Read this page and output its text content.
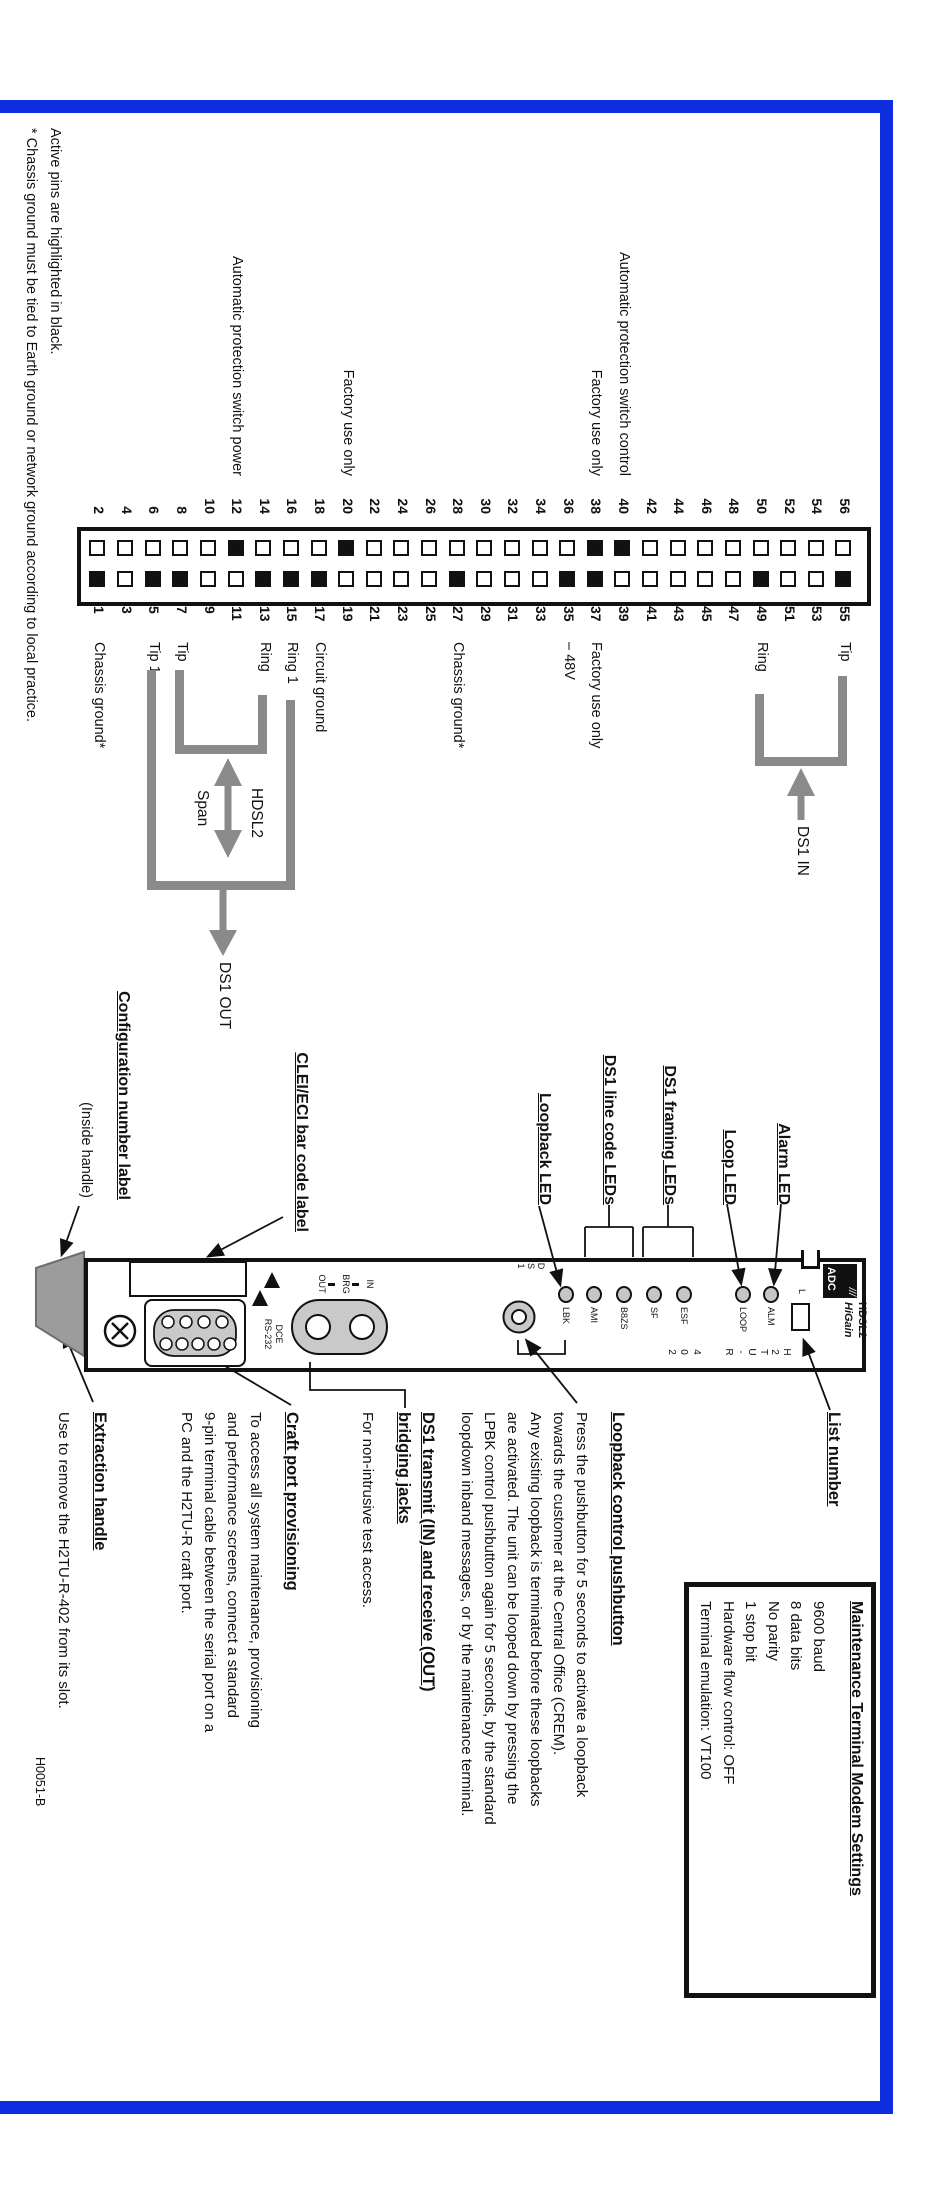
Active pins are highlighted in black.
* Chassis ground must be tied to Earth ground or network ground according to local practice.	1
Chassis ground*
2
3
4
5
Tip 1
6
7
Tip
8
9
10
11
12
Automatic protection switch power
13
Ring
14
15
Ring 1
16
17
Circuit ground
18
19
20
Factory use only
21
22
23
24
25
26
27
Chassis ground*
28
29
30
31
32
33
34
35
– 48V
36
37
Factory use only
38
Factory use only
39
40
Automatic protection switch control
41
42
43
44
45
46
47
48
49
Ring
50
51
52
53
54
55
Tip
56
HDSL2
Span
DS1 OUT
DS1 IN
///
ADC
HDSL2
HiGain
L
H
2
T
U
-
R
4
0
2
ALM
LOOP
ESF
SF
B8ZS
AMI
LBK
D
S
1
IN
BRG
OUT
DCE
RS-232
Alarm LED
Loop LED
DS1 framing LEDs
DS1 line code LEDs
Loopback LED
Configuration number label
(Inside handle)	CLEI/ECI bar code label
Maintenance Terminal Modem Settings
9600 baud
8 data bits
No parity
1 stop bit
Hardware flow control: OFF
Terminal emulation: VT100
List number
Loopback control pushbutton
Press the pushbutton for 5 seconds to activate a loopback
towards the customer at the Central Office (CREM).
Any existing loopback is terminated before these loopbacks
are activated. The unit can be looped down by pressing the
LPBK control pushbutton again for 5 seconds, by the standard
loopdown inband messages, or by the maintenance terminal.
DS1 transmit (IN) and receive (OUT)
bridging jacks
For non-intrusive test access.
Craft port provisioning
To access all system maintenance, provisioning
and performance screens, connect a standard
9-pin terminal cable between the serial port on a
PC and the H2TU-R craft port.
Extraction handle
Use to remove the H2TU-R-402 from its slot.
H0051-B
